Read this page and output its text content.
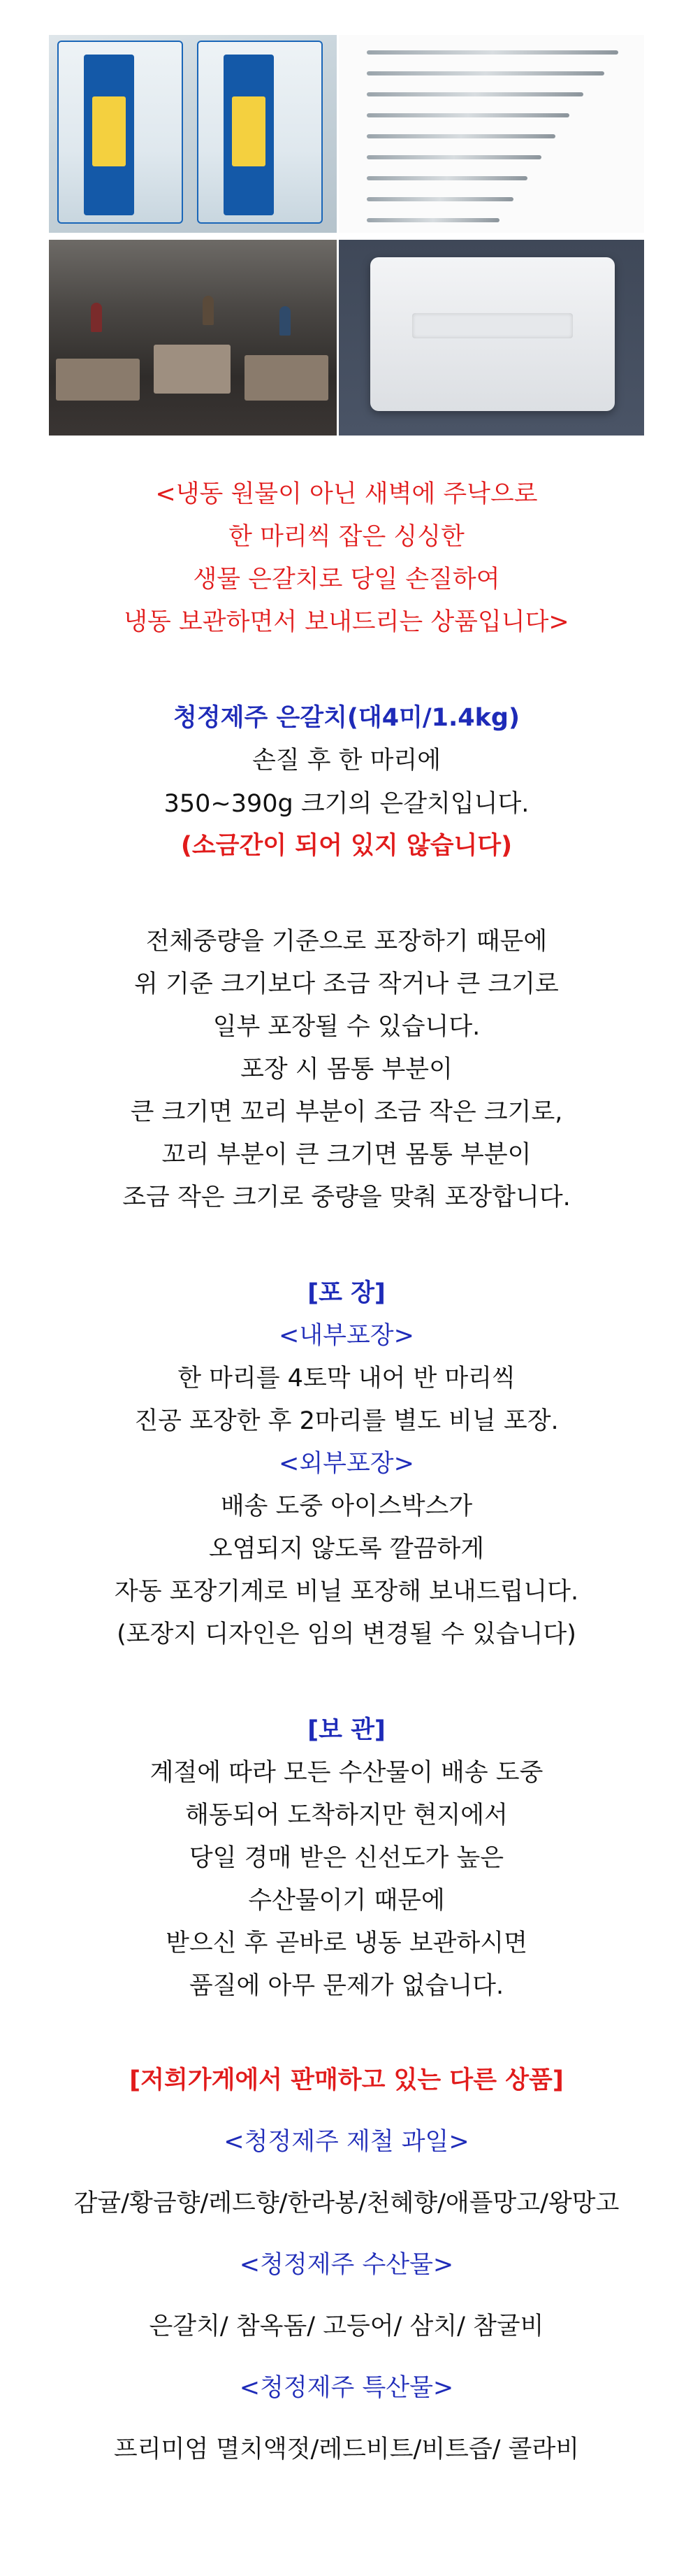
<냉동 원물이 아닌 새벽에 주낙으로
한 마리씩 잡은 싱싱한
생물 은갈치로 당일 손질하여
냉동 보관하면서 보내드리는 상품입니다>
청정제주 은갈치(대4미/1.4kg)
손질 후 한 마리에
350~390g 크기의 은갈치입니다.
(소금간이 되어 있지 않습니다)
전체중량을 기준으로 포장하기 때문에
위 기준 크기보다 조금 작거나 큰 크기로
일부 포장될 수 있습니다.
포장 시 몸통 부분이
큰 크기면 꼬리 부분이 조금 작은 크기로,
꼬리 부분이 큰 크기면 몸통 부분이
조금 작은 크기로 중량을 맞춰 포장합니다.
[포 장]
<내부포장>
한 마리를 4토막 내어 반 마리씩
진공 포장한 후 2마리를 별도 비닐 포장.
<외부포장>
배송 도중 아이스박스가
오염되지 않도록 깔끔하게
자동 포장기계로 비닐 포장해 보내드립니다.
(포장지 디자인은 임의 변경될 수 있습니다)
[보 관]
계절에 따라 모든 수산물이 배송 도중
해동되어 도착하지만 현지에서
당일 경매 받은 신선도가 높은
수산물이기 때문에
받으신 후 곧바로 냉동 보관하시면
품질에 아무 문제가 없습니다.
[저희가게에서 판매하고 있는 다른 상품]
<청정제주 제철 과일>
감귤/황금향/레드향/한라봉/천혜향/애플망고/왕망고
<청정제주 수산물>
은갈치/ 참옥돔/ 고등어/ 삼치/ 참굴비
<청정제주 특산물>
프리미엄 멸치액젓/레드비트/비트즙/ 콜라비
